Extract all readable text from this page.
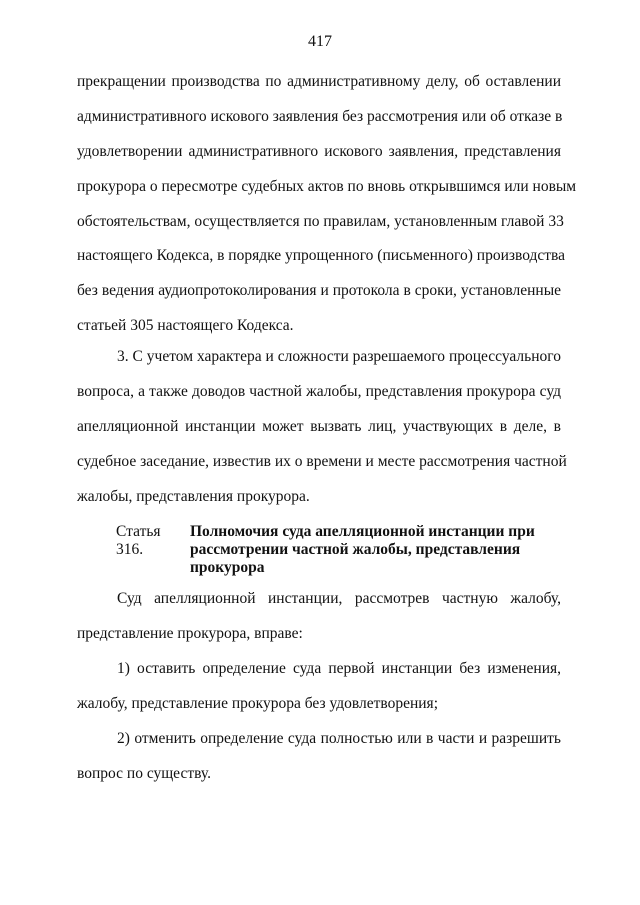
417
прекращении производства по административному делу, об оставлении
административного искового заявления без рассмотрения или об отказе в
удовлетворении административного искового заявления, представления
прокурора о пересмотре судебных актов по вновь открывшимся или новым
обстоятельствам, осуществляется по правилам, установленным главой 33
настоящего Кодекса, в порядке упрощенного (письменного) производства
без ведения аудиопротоколирования и протокола в сроки, установленные
статьей 305 настоящего Кодекса.
3. С учетом характера и сложности разрешаемого процессуального
вопроса, а также доводов частной жалобы, представления прокурора суд
апелляционной инстанции может вызвать лиц, участвующих в деле, в
судебное заседание, известив их о времени и месте рассмотрения частной
жалобы, представления прокурора.
Статья 316.
Полномочия суда апелляционной инстанции при
рассмотрении частной жалобы, представления
прокурора
Суд апелляционной инстанции, рассмотрев частную жалобу,
представление прокурора, вправе:
1) оставить определение суда первой инстанции без изменения,
жалобу, представление прокурора без удовлетворения;
2) отменить определение суда полностью или в части и разрешить
вопрос по существу.
